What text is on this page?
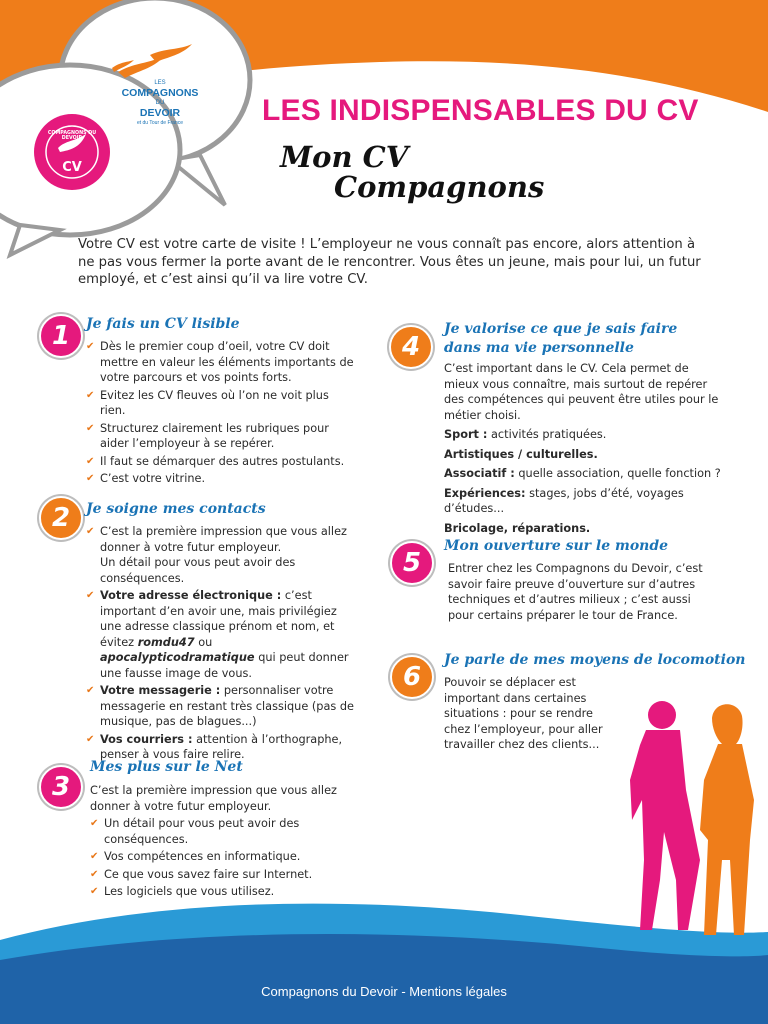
LES
COMPAGNONS
DU
DEVOIR
et du Tour de France
COMPAGNONS DU DEVOIR
CV
LES INDISPENSABLES DU CV
Mon CV
Compagnons
Votre CV est votre carte de visite ! L’employeur ne vous connaît pas encore, alors attention à ne pas vous fermer la porte avant de le rencontrer. Vous êtes un jeune, mais pour lui, un futur employé, et c’est ainsi qu’il va lire votre CV.
1	Je fais un CV lisible
✔ Dès le premier coup d’oeil, votre CV doit mettre en valeur les éléments importants de votre parcours et vos points forts.
✔ Evitez les CV fleuves où l’on ne voit plus rien.
✔ Structurez clairement les rubriques pour aider l’employeur à se repérer.
✔ Il faut se démarquer des autres postulants.
✔ C’est votre vitrine.
2	Je soigne mes contacts
✔ C’est la première impression que vous allez donner à votre futur employeur.
Un détail pour vous peut avoir des conséquences.
✔ Votre adresse électronique : c’est important d’en avoir une, mais privilégiez une adresse classique prénom et nom, et évitez romdu47 ou apocalypticodramatique qui peut donner une fausse image de vous.
✔ Votre messagerie : personnaliser votre messagerie en restant très classique (pas de musique, pas de blagues...)
✔ Vos courriers : attention à l’orthographe, penser à vous faire relire.
3
Mes plus sur le Net
C’est la première impression que vous allez donner à votre futur employeur.
✔ Un détail pour vous peut avoir des conséquences.
✔ Vos compétences en informatique.
✔ Ce que vous savez faire sur Internet.
✔ Les logiciels que vous utilisez.
4
Je valorise ce que je sais faire
dans ma vie personnelle

C’est important dans le CV. Cela permet de mieux vous connaître, mais surtout de repérer des compétences qui peuvent être utiles pour le métier choisi.

Sport : activités pratiquées.

Artistiques / culturelles.

Associatif : quelle association, quelle fonction ?

Expériences: stages, jobs d’été, voyages d’études...

Bricolage, réparations.

5
Mon ouverture sur le monde
Entrer chez les Compagnons du Devoir, c’est savoir faire preuve d’ouverture sur d’autres techniques et d’autres milieux ; c’est aussi pour certains préparer le tour de France.
6
Je parle de mes moyens de locomotion
Pouvoir se déplacer est important dans certaines situations : pour se rendre chez l’employeur, pour aller travailler chez des clients...
Compagnons du Devoir - Mentions légales
